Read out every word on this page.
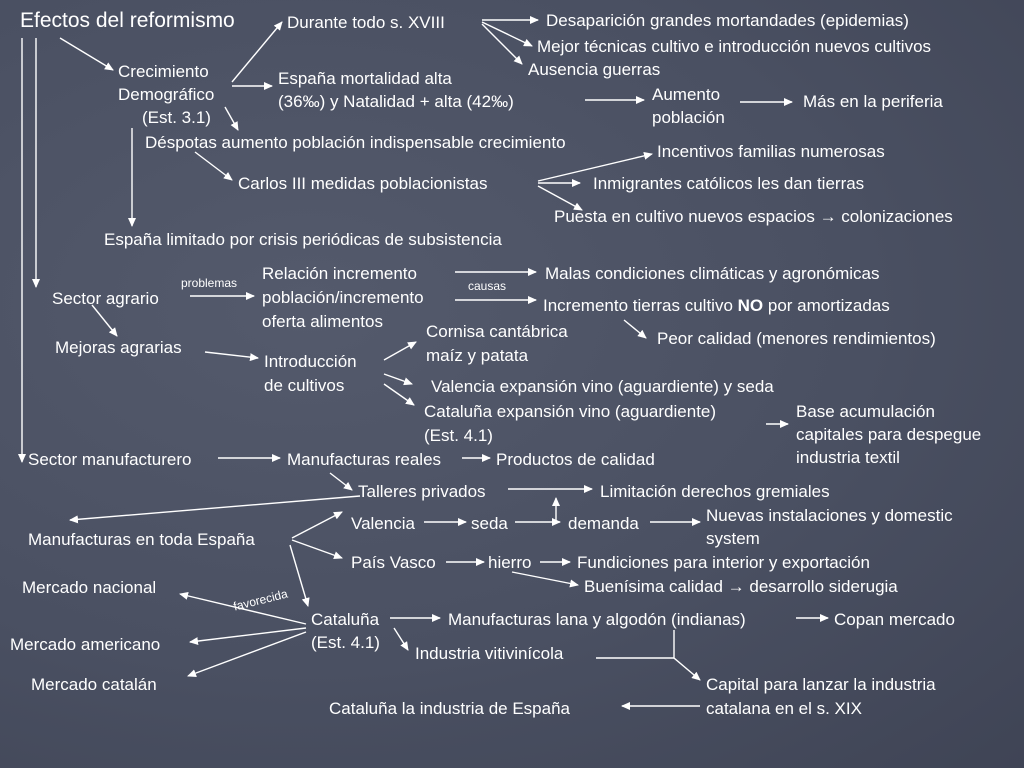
Efectos del reformismo
Crecimiento
Demográfico
(Est. 3.1)
Durante todo s. XVIII	Desaparición grandes mortandades (epidemias)
Mejor técnicas cultivo e introducción nuevos cultivos
Ausencia guerras
España mortalidad alta
(36‰) y Natalidad + alta (42‰)	Aumento
población
Más en la periferia
Déspotas aumento población indispensable crecimiento	Incentivos familias numerosas
Carlos III medidas poblacionistas	Inmigrantes católicos les dan tierras
Puesta en cultivo nuevos espacios → colonizaciones
España limitado por crisis periódicas de subsistencia
Sector agrario
problemas Relación incremento
población/incremento
oferta alimentos
causas
Malas condiciones climáticas y agronómicas
Incremento tierras cultivo NO por amortizadas
Peor calidad (menores rendimientos)
Mejoras agrarias
Introducción
de cultivos
Cornisa cantábrica
maíz y patata
Valencia expansión vino (aguardiente) y seda
Cataluña expansión vino (aguardiente)
(Est. 4.1)
Base acumulación
capitales para despegue
industria textil
Sector manufacturero	Manufacturas reales	Productos de calidad
Talleres privados	Limitación derechos gremiales
Manufacturas en toda España
Valencia	seda	demanda	Nuevas instalaciones y domestic
system
País Vasco	hierro	Fundiciones para interior y exportación
Buenísima calidad → desarrollo siderugia
Mercado nacional	favorecida
Cataluña
(Est. 4.1)
Manufacturas lana y algodón (indianas)	Copan mercado
Mercado americano	Industria vitivinícola
Mercado catalán	Capital para lanzar la industria
catalana en el s. XIX
Cataluña la industria de España
